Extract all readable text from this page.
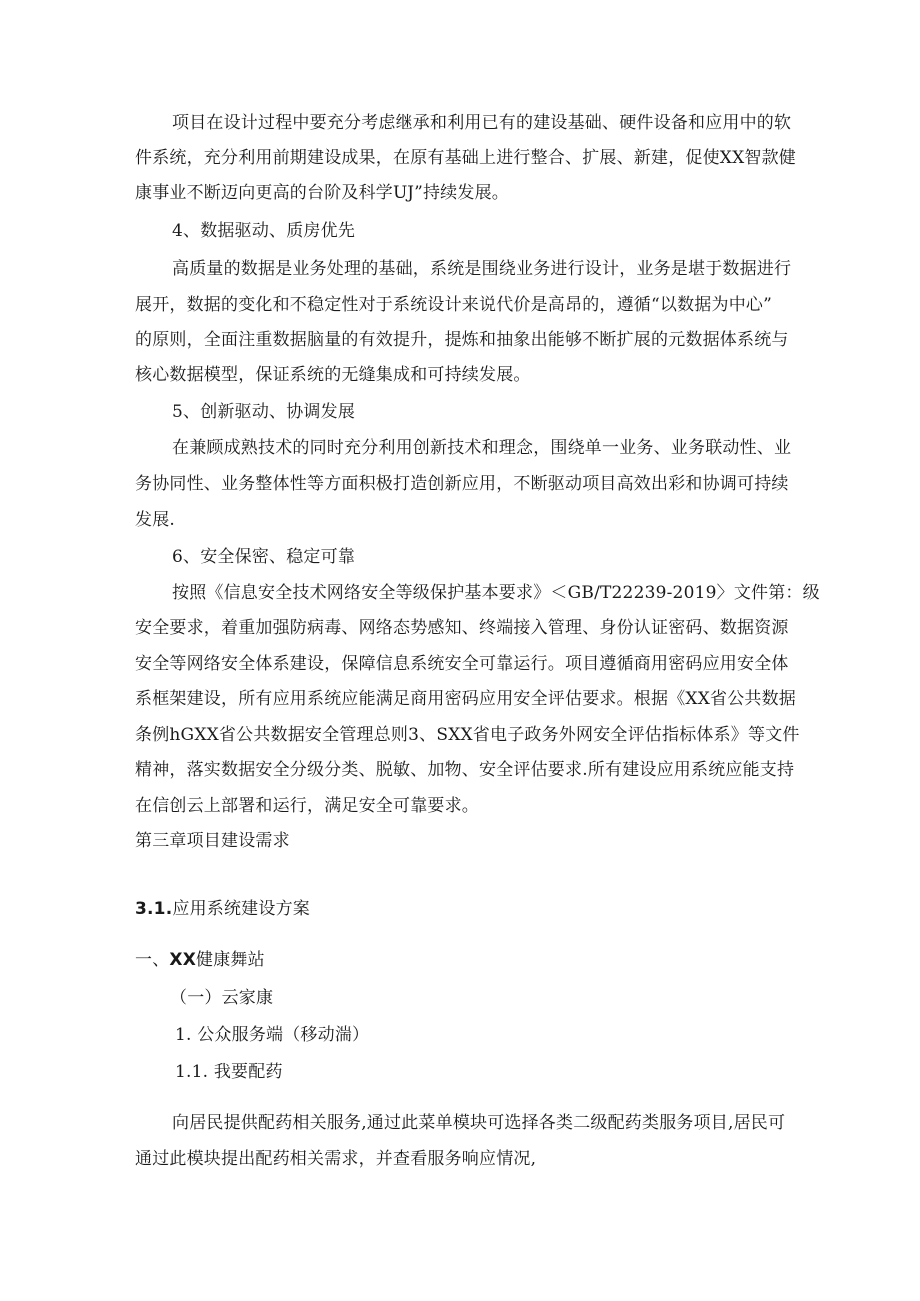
项目在设计过程中要充分考虑继承和利用已有的建设基础、硬件设备和应用中的软

件系统，充分利用前期建设成果，在原有基础上进行整合、扩展、新建，促使XX智款健

康事业不断迈向更高的台阶及科学UJ”持续发展。

4、数据驱动、质房优先

高质量的数据是业务处理的基础，系统是围绕业务进行设计，业务是堪于数据进行

展开，数据的变化和不稳定性对于系统设计来说代价是高昂的，遵循“以数据为中心”

的原则，全面注重数据脑量的有效提升，提炼和抽象出能够不断扩展的元数据体系统与

核心数据模型，保证系统的无缝集成和可持续发展。

5、创新驱动、协调发展

在兼顾成熟技术的同时充分利用创新技术和理念，围绕单一业务、业务联动性、业

务协同性、业务整体性等方面积极打造创新应用，不断驱动项目高效出彩和协调可持续

发展.

6、安全保密、稳定可靠

按照《信息安全技术网络安全等级保护基本要求》＜GB/T22239-2019〉文件第：级

安全要求，着重加强防病毒、网络态势感知、终端接入管理、身份认证密码、数据资源

安全等网络安全体系建设，保障信息系统安全可靠运行。项目遵循商用密码应用安全体

系框架建设，所有应用系统应能满足商用密码应用安全评估要求。根据《XX省公共数据

条例hGXX省公共数据安全管理总则3、SXX省电子政务外网安全评估指标体系》等文件

精神，落实数据安全分级分类、脱敏、加物、安全评估要求.所有建设应用系统应能支持

在信创云上部署和运行，满足安全可靠要求。

第三章项目建设需求

3.1.应用系统建设方案

一、XX健康舞站

（一）云家康

1. 公众服务端（移动湍）

1.1. 我要配药

向居民提供配药相关服务,通过此菜单模块可选择各类二级配药类服务项目,居民可

通过此模块提出配药相关需求，并查看服务响应情况,
